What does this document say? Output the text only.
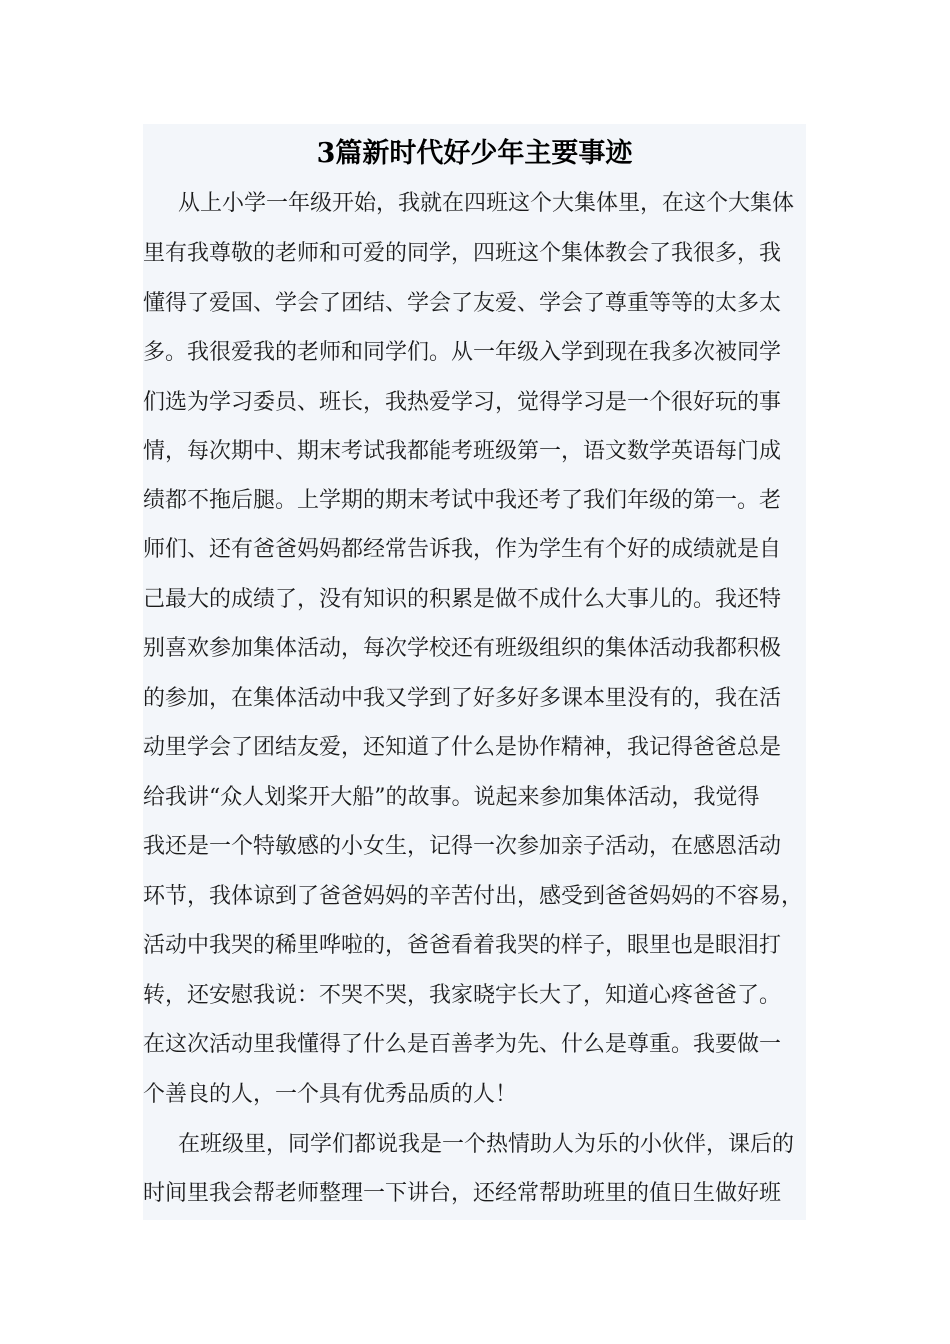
3篇新时代好少年主要事迹
从上小学一年级开始，我就在四班这个大集体里，在这个大集体
里有我尊敬的老师和可爱的同学，四班这个集体教会了我很多，我
懂得了爱国、学会了团结、学会了友爱、学会了尊重等等的太多太
多。我很爱我的老师和同学们。从一年级入学到现在我多次被同学
们选为学习委员、班长，我热爱学习，觉得学习是一个很好玩的事
情，每次期中、期末考试我都能考班级第一，语文数学英语每门成
绩都不拖后腿。上学期的期末考试中我还考了我们年级的第一。老
师们、还有爸爸妈妈都经常告诉我，作为学生有个好的成绩就是自
己最大的成绩了，没有知识的积累是做不成什么大事儿的。我还特
别喜欢参加集体活动，每次学校还有班级组织的集体活动我都积极
的参加，在集体活动中我又学到了好多好多课本里没有的，我在活
动里学会了团结友爱，还知道了什么是协作精神，我记得爸爸总是
给我讲“众人划桨开大船”的故事。说起来参加集体活动，我觉得
我还是一个特敏感的小女生，记得一次参加亲子活动，在感恩活动
环节，我体谅到了爸爸妈妈的辛苦付出，感受到爸爸妈妈的不容易，
活动中我哭的稀里哗啦的，爸爸看着我哭的样子，眼里也是眼泪打
转，还安慰我说：不哭不哭，我家晓宇长大了，知道心疼爸爸了。
在这次活动里我懂得了什么是百善孝为先、什么是尊重。我要做一
个善良的人，一个具有优秀品质的人！
在班级里，同学们都说我是一个热情助人为乐的小伙伴，课后的
时间里我会帮老师整理一下讲台，还经常帮助班里的值日生做好班
